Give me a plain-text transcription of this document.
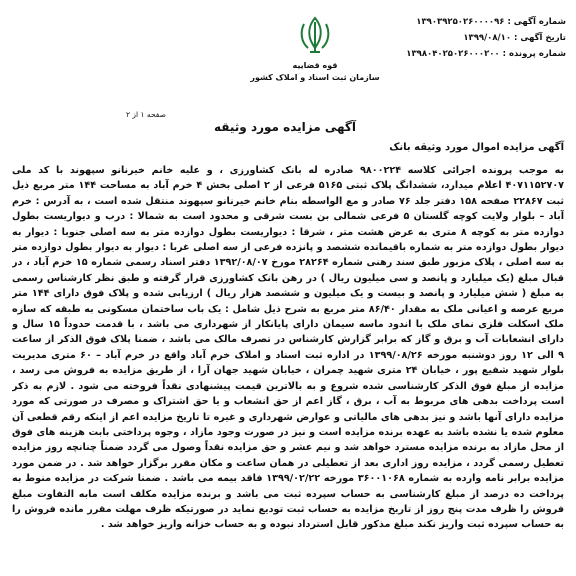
شماره آگهی : ۱۳۹۰۳۹۲۵۰۲۶۰۰۰۰۹۶
تاریخ آگهی : ۱۳۹۹/۰۸/۱۰
شماره پرونده : ۱۳۹۸۰۴۰۲۵۰۲۶۰۰۰۲۰۰
قوه قضاییه
سازمان ثبت اسناد و املاک کشور
صفحه ۱ از ۲
آگهی مزایده مورد وثیقه
آگهی مزایده اموال مورد وثیقه بانک
به موجب پرونده اجرائی کلاسه ۹۸۰۰۲۲۴ صادره له بانک کشاورزی ، و علیه خانم خیرنانو سپهوند با کد ملی ۴۰۷۱۱۵۲۷۰۷ اعلام میدارد، ششدانگ پلاک ثبتی ۵۱۶۵ فرعی از ۲ اصلی بخش ۴ خرم آباد به مساحت ۱۴۴ متر مربع ذیل ثبت ۲۲۸۶۷ صفحه ۱۵۸ دفتر جلد ۷۶ صادر و مع الواسطه بنام خانم خیرنانو سپهوند منتقل شده است ، به آدرس : خرم آباد – بلوار ولایت کوچه گلستان ۵ فرعی شمالی بن بست شرقی و محدود است به شمالا : درب و دیواریست بطول دوازده متر به کوچه ۸ متری به عرض هشت متر ، شرقا : دیواریست بطول دوازده متر به سه اصلی جنوبا : دیوار به دیوار بطول دوازده متر به شماره باقیمانده ششصد و پانزده فرعی از سه اصلی غربا : دیوار به دیوار بطول دوازده متر به سه اصلی ، پلاک مزبور طبق سند رهنی شماره ۲۸۲۶۴ مورخ ۱۳۹۲/۰۸/۰۷ دفتر اسناد رسمی شماره ۱۵ خرم آباد ، در قبال مبلغ (یک میلیارد و پانصد و سی میلیون ریال ) در رهن بانک کشاورزی قرار گرفته و طبق نظر کارشناس رسمی به مبلغ ( شش میلیارد و پانصد و بیست و یک میلیون و ششصد هزار ریال ) ارزیابی شده و پلاک فوق دارای ۱۴۴ متر مربع عرصه و اعیانی ملک به مقدار ۸۶/۴۰ متر مربع به شرح ذیل شامل : یک باب ساختمان مسکونی به طبقه که سازه ملک اسکلت فلزی نمای ملک با اندود ماسه سیمان دارای پایانکار از شهرداری می باشد ، با قدمت حدوداً ۱۵ سال و دارای انشعابات آب و برق و گاز که برابر گزارش کارشناس در تصرف مالک می باشد ، ضمنا پلاک فوق الذکر از ساعت ۹ الی ۱۲ روز دوشنبه مورخه ۱۳۹۹/۰۸/۲۶ در اداره ثبت اسناد و املاک خرم آباد واقع در خرم آباد – ۶۰ متری مدیریت بلوار شهید شفیع پور ، خیابان ۲۴ متری شهید چمران ، خیابان شهید جهان آرا ، از طریق مزایده به فروش می رسد ، مزایده از مبلغ فوق الذکر کارشناسی شده شروع و به بالاترین قیمت پیشنهادی نقداً فروخته می شود . لازم به ذکر است پرداخت بدهی های مربوط به آب ، برق ، گاز اعم از حق انشعاب و یا حق اشتراک و مصرف در صورتی که مورد مزایده دارای آنها باشد و نیز بدهی های مالیاتی و عوارض شهرداری و غیره تا تاریخ مزایده اعم از اینکه رقم قطعی آن معلوم شده یا نشده باشد به عهده برنده مزایده است و نیز در صورت وجود مازاد ، وجوه پرداختی بابت هزینه های فوق از محل مازاد به برنده مزایده مسترد خواهد شد و نیم عشر و حق مزایده نقداً وصول می گردد ضمناً چنانچه روز مزایده تعطیل رسمی گردد ، مزایده روز اداری بعد از تعطیلی در همان ساعت و مکان مقرر برگزار خواهد شد . در ضمن مورد مزایده برابر نامه وارده به شماره ۳۶۰۰۱۰۶۸ مورخه ۱۳۹۹/۰۲/۲۲ فاقد بیمه می باشد . ضمنا شرکت در مزایده منوط به پرداخت ده درصد از مبلغ کارشناسی به حساب سپرده ثبت می باشد و برنده مزایده مکلف است مابه التفاوت مبلغ فروش را ظرف مدت پنج روز از تاریخ مزایده به حساب ثبت تودیع نماید در صورتیکه ظرف مهلت مقرر مانده فروش را به حساب سپرده ثبت واریز نکند مبلغ مذکور قابل استرداد نبوده و به حساب خزانه واریز خواهد شد .
